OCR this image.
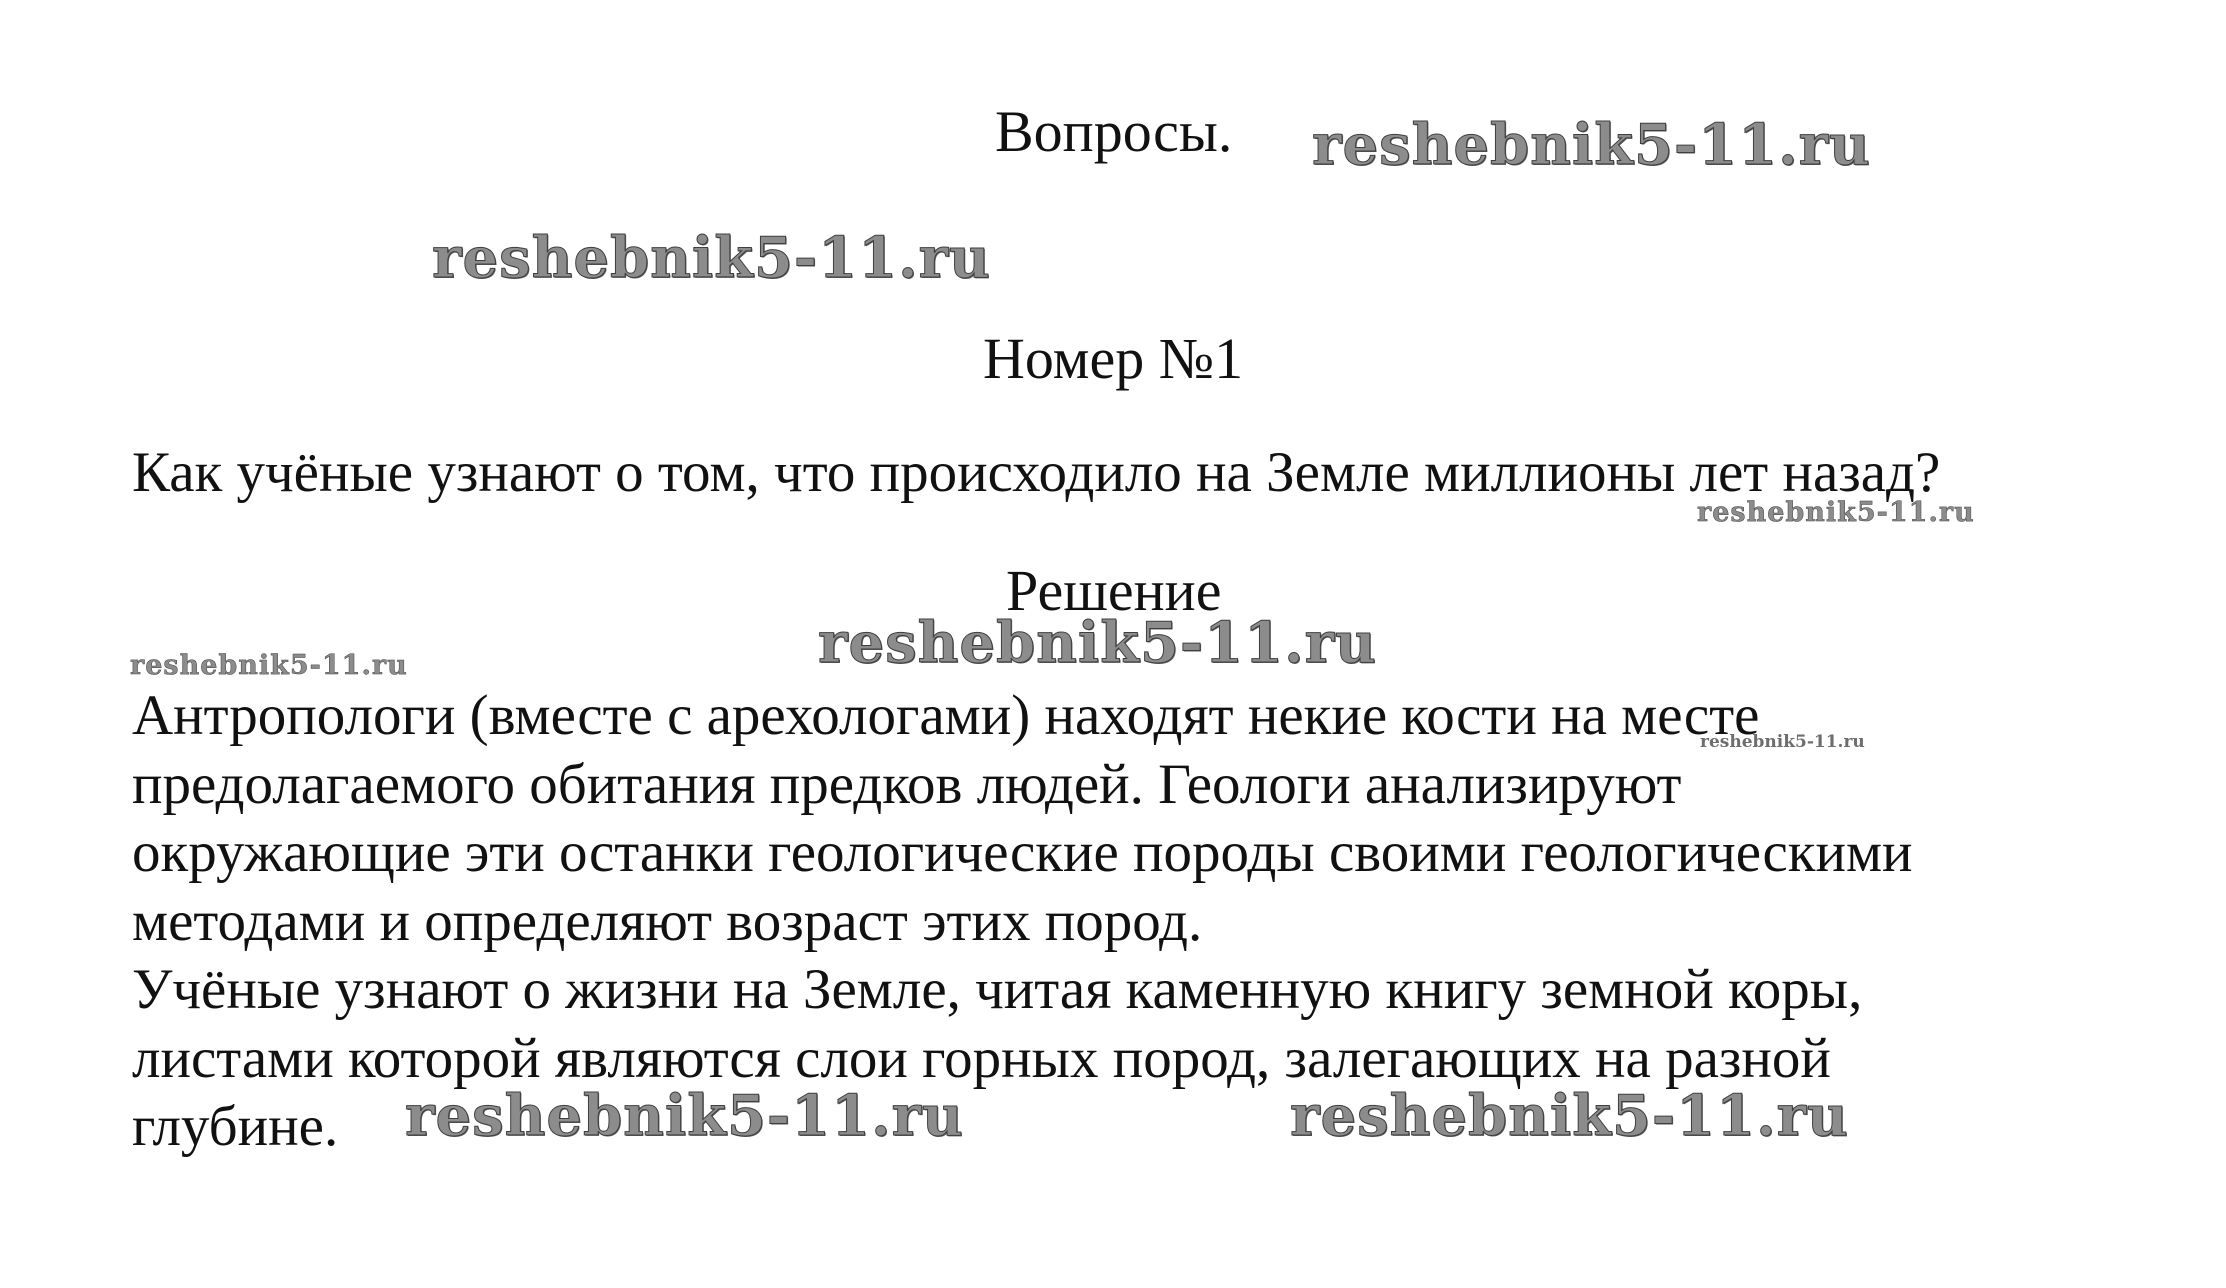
Вопросы. reshebnik5-11.ru
reshebnik5-11.ru
Номер №1
Как учёные узнают о том, что происходило на Земле миллионы лет назад?
reshebnik5-11.ru
Решение
reshebnik5-11.ru
reshebnik5-11.ru
reshebnik5-11.ru
Антропологи (вместе с арехологами) находят некие кости на месте
предолагаемого обитания предков людей. Геологи анализируют
окружающие эти останки геологические породы своими геологическими
методами и определяют возраст этих пород.
Учёные узнают о жизни на Земле, читая каменную книгу земной коры,
листами которой являются слои горных пород, залегающих на разной
глубине.	reshebnik5-11.ru	reshebnik5-11.ru
